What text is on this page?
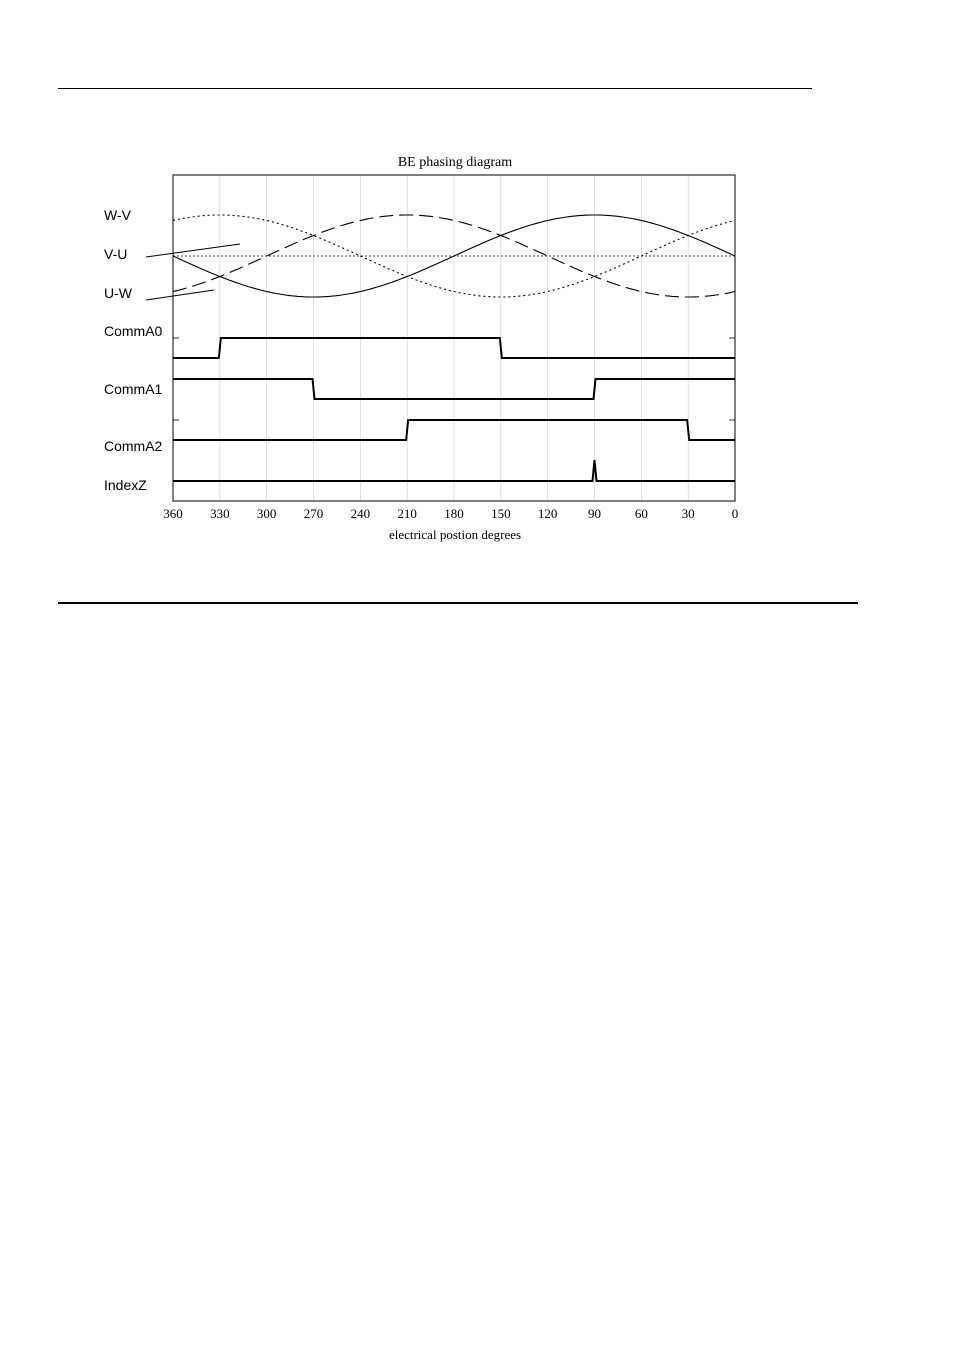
BE phasing diagram
W-V
V-U
U-W
CommA0
CommA1
CommA2
IndexZ
360 330 300 270 240 210 180 150 120 90	60	30	0
electrical postion degrees
